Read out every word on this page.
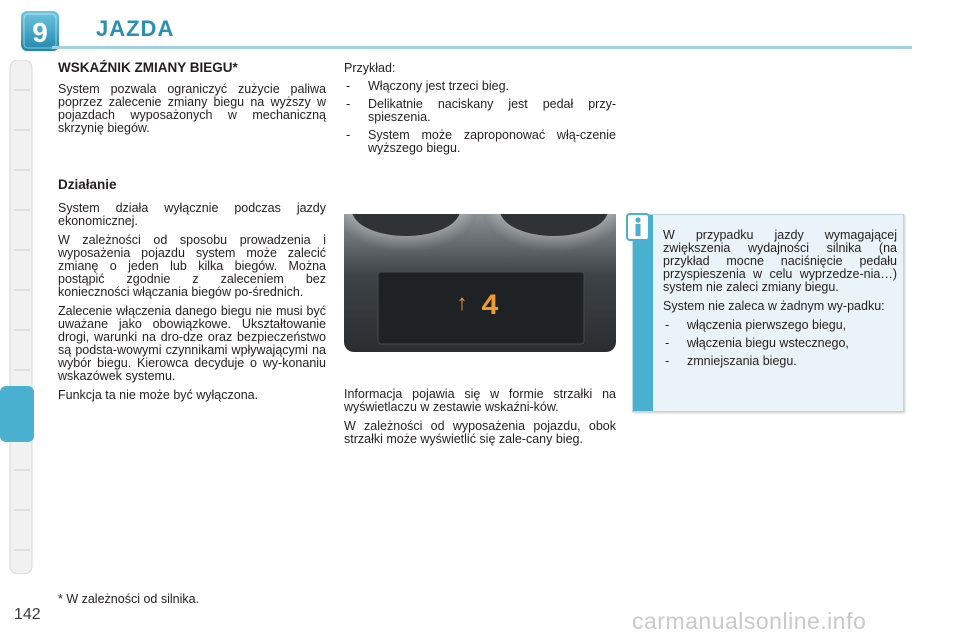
9 JAZDA
WSKAŹNIK ZMIANY BIEGU*
System pozwala ograniczyć zużycie paliwa poprzez zalecenie zmiany biegu na wyższy w pojazdach wyposażonych w mechaniczną skrzynię biegów.
Działanie
System działa wyłącznie podczas jazdy ekonomicznej.
W zależności od sposobu prowadzenia i wyposażenia pojazdu system może zalecić zmianę o jeden lub kilka biegów. Można postąpić zgodnie z zaleceniem bez konieczności włączania biegów po-średnich.
Zalecenie włączenia danego biegu nie musi być uważane jako obowiązkowe. Ukształtowanie drogi, warunki na dro-dze oraz bezpieczeństwo są podsta-wowymi czynnikami wpływającymi na wybór biegu. Kierowca decyduje o wy-konaniu wskazówek systemu.
Funkcja ta nie może być wyłączona.
Przykład:
- Włączony jest trzeci bieg.
- Delikatnie naciskany jest pedał przy-spieszenia.
- System może zaproponować włą-czenie wyższego biegu.
↑ 4
Informacja pojawia się w formie strzałki na wyświetlaczu w zestawie wskaźni-ków.
W zależności od wyposażenia pojazdu, obok strzałki może wyświetlić się zale-cany bieg.
W przypadku jazdy wymagającej zwiększenia wydajności silnika (na przykład mocne naciśnięcie pedału przyspieszenia w celu wyprzedze-nia…) system nie zaleci zmiany biegu.
System nie zaleca w żadnym wy-padku:
- włączenia pierwszego biegu,
- włączenia biegu wstecznego,
- zmniejszania biegu.
* W zależności od silnika.
142	carmanualsonline.info
